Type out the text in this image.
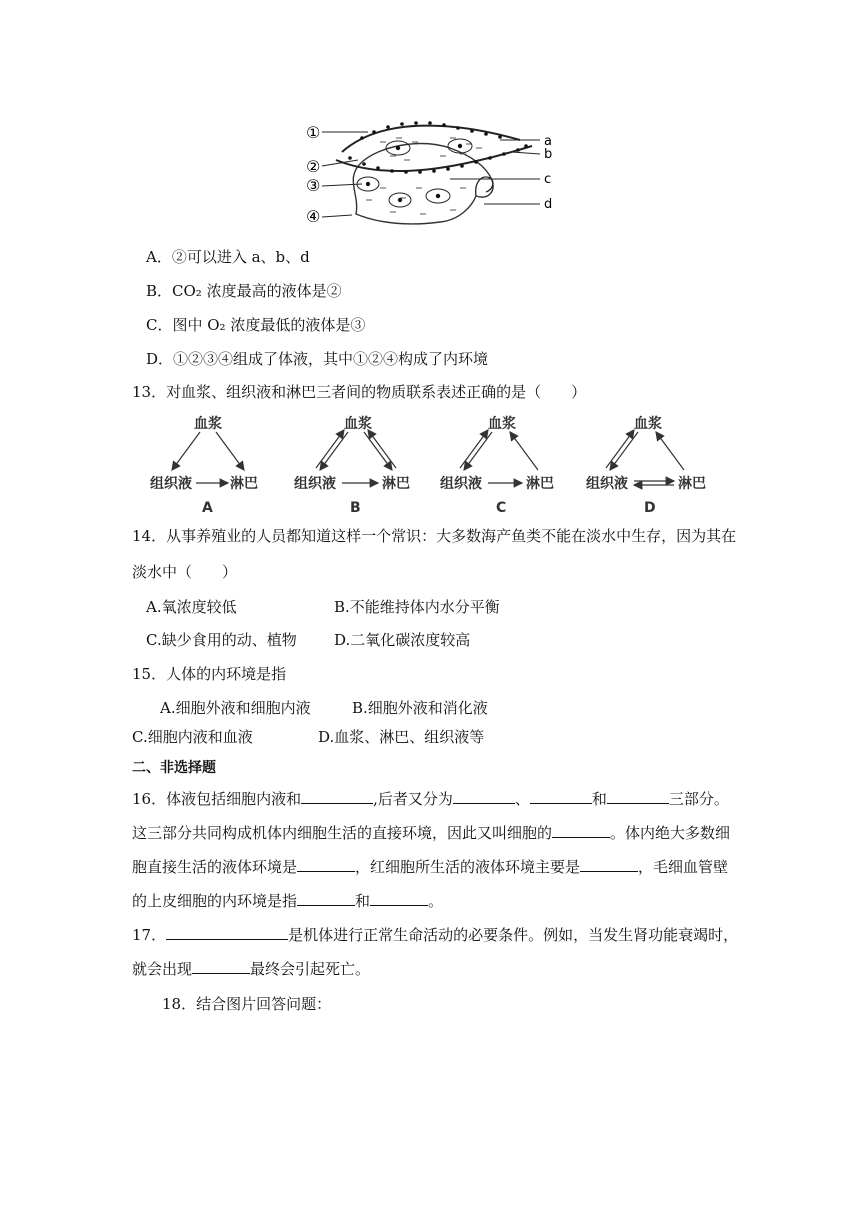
①
②
③
④
a
b
c
d
A．②可以进入 a、b、d
B．CO₂ 浓度最高的液体是②
C．图中 O₂ 浓度最低的液体是③
D．①②③④组成了体液，其中①②④构成了内环境
13．对血浆、组织液和淋巴三者间的物质联系表述正确的是（　　）
血浆
组织液	淋巴
A
血浆
组织液	淋巴
B
血浆
组织液	淋巴
C
血浆
组织液	淋巴
D
14．从事养殖业的人员都知道这样一个常识：大多数海产鱼类不能在淡水中生存，因为其在
淡水中（　　）
A.氧浓度较低	B.不能维持体内水分平衡
C.缺少食用的动、植物 D.二氧化碳浓度较高
15．人体的内环境是指
A.细胞外液和细胞内液	B.细胞外液和消化液
C.细胞内液和血液	D.血浆、淋巴、组织液等
二、非选择题
16．体液包括细胞内液和	,后者又分为	、	和	三部分。
这三部分共同构成机体内细胞生活的直接环境，因此又叫细胞的	。体内绝大多数细
胞直接生活的液体环境是	，红细胞所生活的液体环境主要是	，毛细血管壁
的上皮细胞的内环境是指	和	。
17．	是机体进行正常生命活动的必要条件。例如，当发生肾功能衰竭时，
就会出现	最终会引起死亡。
18．结合图片回答问题：
